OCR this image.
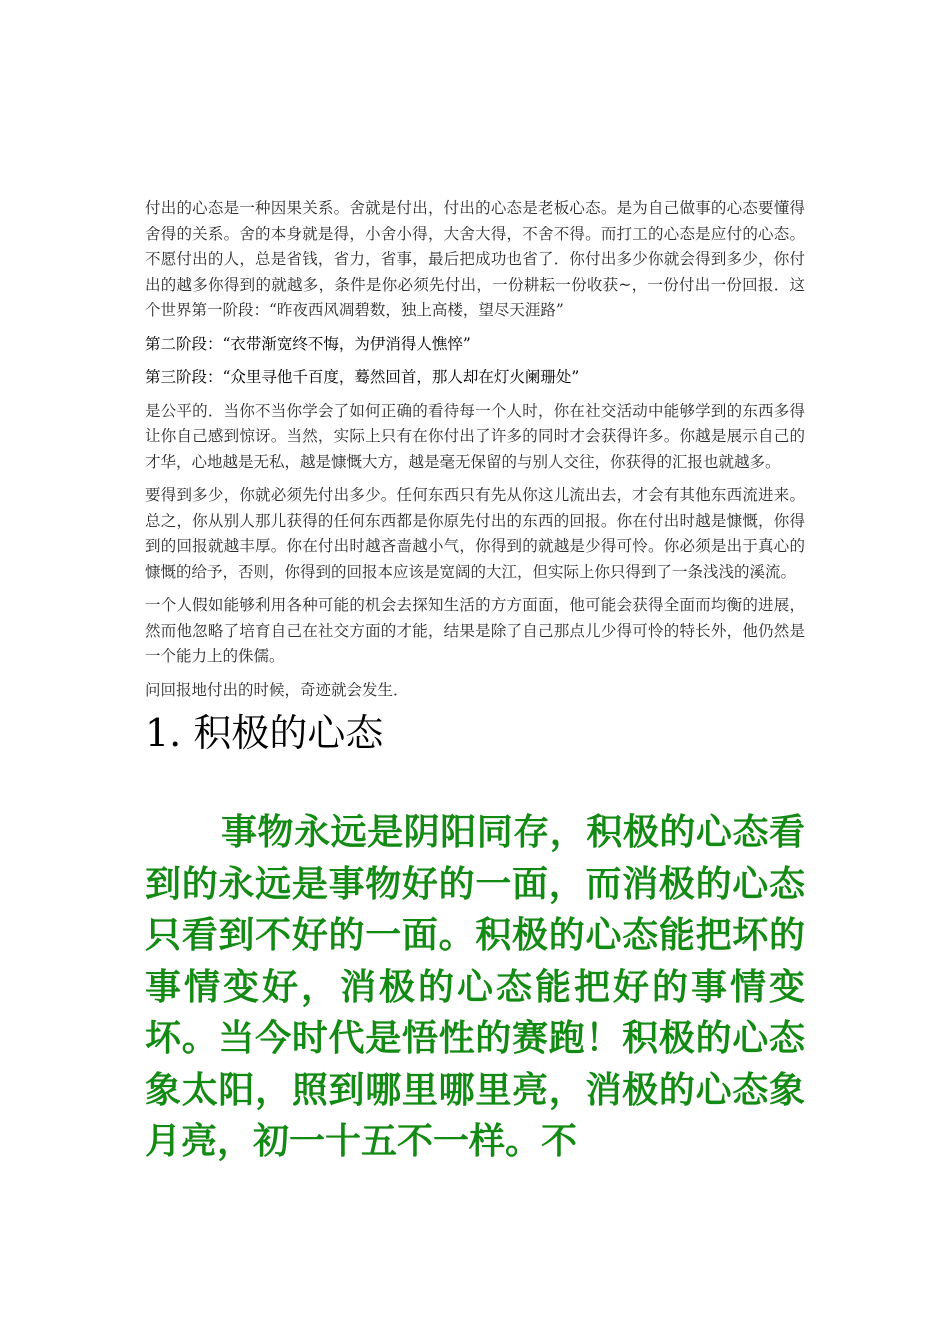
付出的心态是一种因果关系。舍就是付出，付出的心态是老板心态。是为自己做事的心态要懂得舍得的关系。舍的本身就是得，小舍小得，大舍大得，不舍不得。而打工的心态是应付的心态。不愿付出的人，总是省钱，省力，省事，最后把成功也省了．你付出多少你就会得到多少，你付出的越多你得到的就越多，条件是你必须先付出，一份耕耘一份收获~，一份付出一份回报．这个世界第一阶段：“昨夜西风凋碧数，独上高楼，望尽天涯路”

第二阶段：“衣带渐宽终不悔，为伊消得人憔悴”

第三阶段：“众里寻他千百度，蓦然回首，那人却在灯火阑珊处”

是公平的．当你不当你学会了如何正确的看待每一个人时，你在社交活动中能够学到的东西多得让你自己感到惊讶。当然，实际上只有在你付出了许多的同时才会获得许多。你越是展示自己的才华，心地越是无私，越是慷慨大方，越是毫无保留的与别人交往，你获得的汇报也就越多。

要得到多少，你就必须先付出多少。任何东西只有先从你这儿流出去，才会有其他东西流进来。总之，你从别人那儿获得的任何东西都是你原先付出的东西的回报。你在付出时越是慷慨，你得到的回报就越丰厚。你在付出时越吝啬越小气，你得到的就越是少得可怜。你必须是出于真心的慷慨的给予，否则，你得到的回报本应该是宽阔的大江，但实际上你只得到了一条浅浅的溪流。

一个人假如能够利用各种可能的机会去探知生活的方方面面，他可能会获得全面而均衡的进展，然而他忽略了培育自己在社交方面的才能，结果是除了自己那点儿少得可怜的特长外，他仍然是一个能力上的侏儒。

问回报地付出的时候，奇迹就会发生．

1. 积极的心态

事物永远是阴阳同存，积极的心态看到的永远是事物好的一面，而消极的心态只看到不好的一面。积极的心态能把坏的事情变好，消极的心态能把好的事情变坏。当今时代是悟性的赛跑！积极的心态象太阳，照到哪里哪里亮，消极的心态象月亮，初一十五不一样。不
